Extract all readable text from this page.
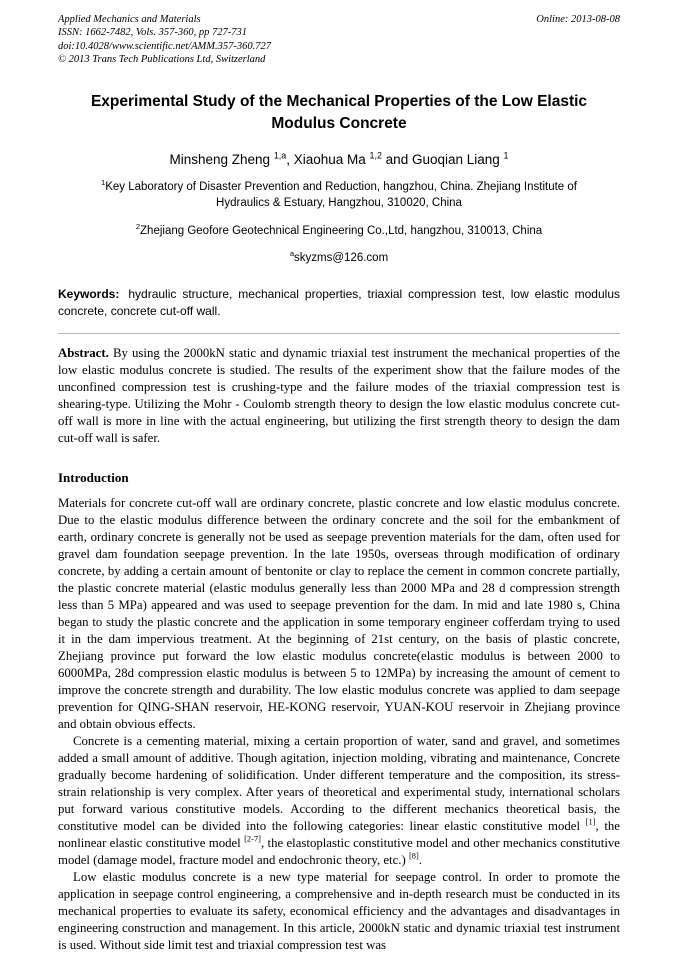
Applied Mechanics and Materials
ISSN: 1662-7482, Vols. 357-360, pp 727-731
doi:10.4028/www.scientific.net/AMM.357-360.727
© 2013 Trans Tech Publications Ltd, Switzerland
Online: 2013-08-08
Experimental Study of the Mechanical Properties of the Low Elastic Modulus Concrete

Minsheng Zheng $^{1,a}$, Xiaohua Ma $^{1,2}$ and Guoqian Liang $^1$

$^1$Key Laboratory of Disaster Prevention and Reduction, hangzhou, China. Zhejiang Institute of Hydraulics & Estuary, Hangzhou, 310020, China

$^2$Zhejiang Geofore Geotechnical Engineering Co.,Ltd, hangzhou, 310013, China

$^a$skyzms@126.com

Keywords: hydraulic structure, mechanical properties, triaxial compression test, low elastic modulus concrete, concrete cut-off wall.

Abstract. By using the 2000kN static and dynamic triaxial test instrument the mechanical properties of the low elastic modulus concrete is studied. The results of the experiment show that the failure modes of the unconfined compression test is crushing-type and the failure modes of the triaxial compression test is shearing-type. Utilizing the Mohr - Coulomb strength theory to design the low elastic modulus concrete cut-off wall is more in line with the actual engineering, but utilizing the first strength theory to design the dam cut-off wall is safer.

Introduction

Materials for concrete cut-off wall are ordinary concrete, plastic concrete and low elastic modulus concrete. Due to the elastic modulus difference between the ordinary concrete and the soil for the embankment of earth, ordinary concrete is generally not be used as seepage prevention materials for the dam, often used for gravel dam foundation seepage prevention. In the late 1950s, overseas through modification of ordinary concrete, by adding a certain amount of bentonite or clay to replace the cement in common concrete partially, the plastic concrete material (elastic modulus generally less than 2000 MPa and 28 d compression strength less than 5 MPa) appeared and was used to seepage prevention for the dam. In mid and late 1980 s, China began to study the plastic concrete and the application in some temporary engineer cofferdam trying to used it in the dam impervious treatment. At the beginning of 21st century, on the basis of plastic concrete, Zhejiang province put forward the low elastic modulus concrete(elastic modulus is between 2000 to 6000MPa, 28d compression elastic modulus is between 5 to 12MPa) by increasing the amount of cement to improve the concrete strength and durability. The low elastic modulus concrete was applied to dam seepage prevention for QING-SHAN reservoir, HE-KONG reservoir, YUAN-KOU reservoir in Zhejiang province and obtain obvious effects.

Concrete is a cementing material, mixing a certain proportion of water, sand and gravel, and sometimes added a small amount of additive. Though agitation, injection molding, vibrating and maintenance, Concrete gradually become hardening of solidification. Under different temperature and the composition, its stress-strain relationship is very complex. After years of theoretical and experimental study, international scholars put forward various constitutive models. According to the different mechanics theoretical basis, the constitutive model can be divided into the following categories: linear elastic constitutive model [1], the nonlinear elastic constitutive model [2-7], the elastoplastic constitutive model and other mechanics constitutive model (damage model, fracture model and endochronic theory, etc.) [8].

Low elastic modulus concrete is a new type material for seepage control. In order to promote the application in seepage control engineering, a comprehensive and in-depth research must be conducted in its mechanical properties to evaluate its safety, economical efficiency and the advantages and disadvantages in engineering construction and management. In this article, 2000kN static and dynamic triaxial test instrument is used. Without side limit test and triaxial compression test was
